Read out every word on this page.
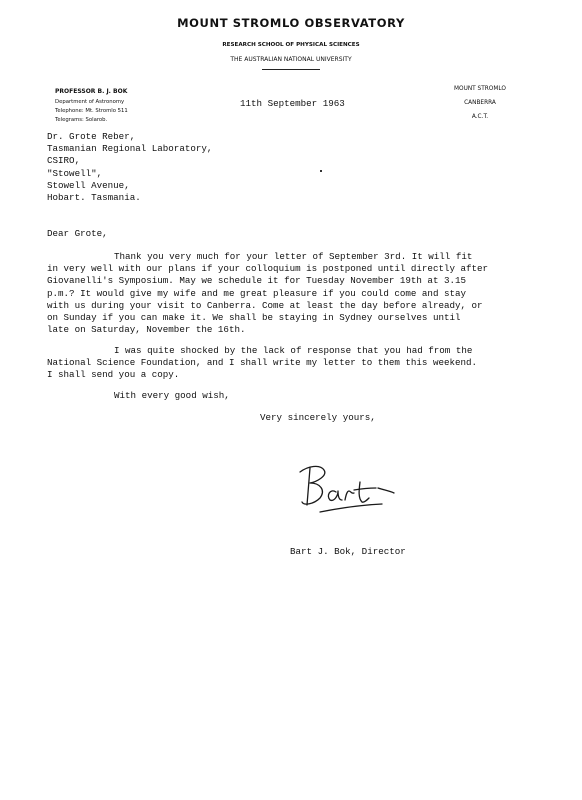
MOUNT STROMLO OBSERVATORY
RESEARCH SCHOOL OF PHYSICAL SCIENCES
THE AUSTRALIAN NATIONAL UNIVERSITY
PROFESSOR B. J. BOK
Department of Astronomy
Telephone: Mt. Stromlo 511
Telegrams: Solarob.
11th September 1963
MOUNT STROMLO
CANBERRA
A.C.T.
Dr. Grote Reber,
Tasmanian Regional Laboratory,
CSIRO,
"Stowell",
Stowell Avenue,
Hobart. Tasmania.
Dear Grote,
Thank you very much for your letter of September 3rd. It will fit
in very well with our plans if your colloquium is postponed until directly after
Giovanelli's Symposium. May we schedule it for Tuesday November 19th at 3.15
p.m.? It would give my wife and me great pleasure if you could come and stay
with us during your visit to Canberra. Come at least the day before already, or
on Sunday if you can make it. We shall be staying in Sydney ourselves until
late on Saturday, November the 16th.
I was quite shocked by the lack of response that you had from the
National Science Foundation, and I shall write my letter to them this weekend.
I shall send you a copy.
With every good wish,
Very sincerely yours,
Bart J. Bok, Director
